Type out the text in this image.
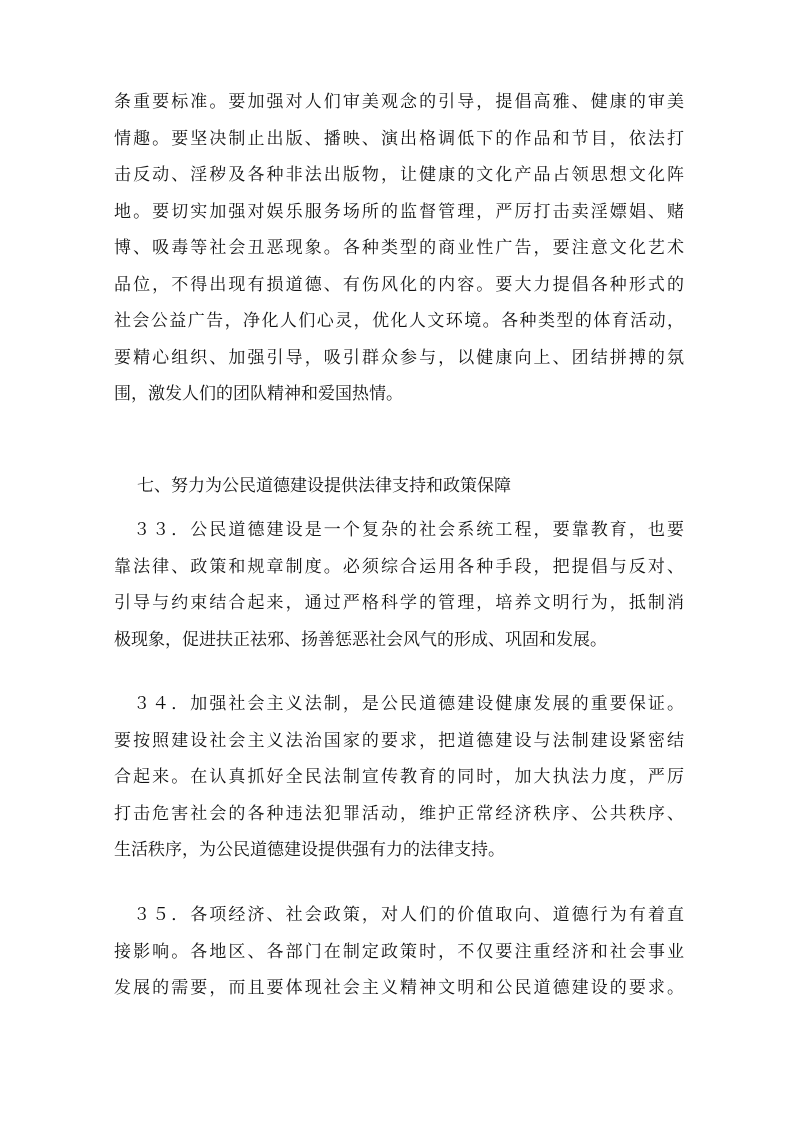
条重要标准。要加强对人们审美观念的引导，提倡高雅、健康的审美
情趣。要坚决制止出版、播映、演出格调低下的作品和节目，依法打
击反动、淫秽及各种非法出版物，让健康的文化产品占领思想文化阵
地。要切实加强对娱乐服务场所的监督管理，严厉打击卖淫嫖娼、赌
博、吸毒等社会丑恶现象。各种类型的商业性广告，要注意文化艺术
品位，不得出现有损道德、有伤风化的内容。要大力提倡各种形式的
社会公益广告，净化人们心灵，优化人文环境。各种类型的体育活动，
要精心组织、加强引导，吸引群众参与，以健康向上、团结拼搏的氛
围，激发人们的团队精神和爱国热情。
七、努力为公民道德建设提供法律支持和政策保障
　３３．公民道德建设是一个复杂的社会系统工程，要靠教育，也要
靠法律、政策和规章制度。必须综合运用各种手段，把提倡与反对、
引导与约束结合起来，通过严格科学的管理，培养文明行为，抵制消
极现象，促进扶正祛邪、扬善惩恶社会风气的形成、巩固和发展。
　３４．加强社会主义法制，是公民道德建设健康发展的重要保证。
要按照建设社会主义法治国家的要求，把道德建设与法制建设紧密结
合起来。在认真抓好全民法制宣传教育的同时，加大执法力度，严厉
打击危害社会的各种违法犯罪活动，维护正常经济秩序、公共秩序、
生活秩序，为公民道德建设提供强有力的法律支持。
　３５．各项经济、社会政策，对人们的价值取向、道德行为有着直
接影响。各地区、各部门在制定政策时，不仅要注重经济和社会事业
发展的需要，而且要体现社会主义精神文明和公民道德建设的要求。
